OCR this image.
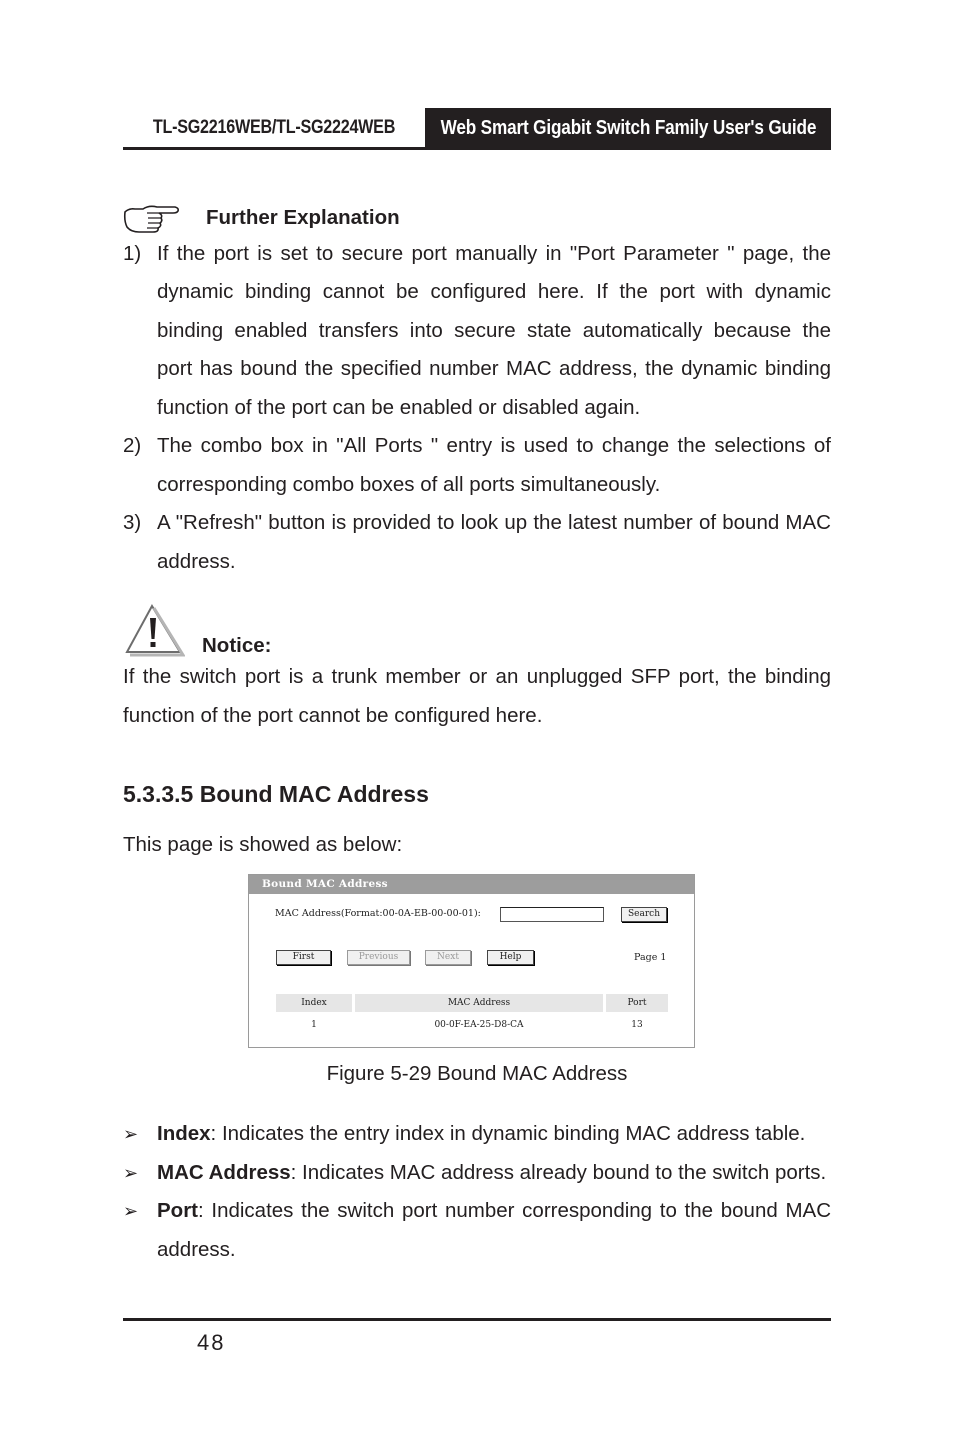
TL-SG2216WEB/TL-SG2224WEB	Web Smart Gigabit Switch Family User's Guide
Further Explanation
1) If the port is set to secure port manually in "Port Parameter " page, the
dynamic binding cannot be configured here. If the port with dynamic
binding enabled transfers into secure state automatically because the
port has bound the specified number MAC address, the dynamic binding
function of the port can be enabled or disabled again.
2) The combo box in "All Ports " entry is used to change the selections of
corresponding combo boxes of all ports simultaneously.
3) A "Refresh" button is provided to look up the latest number of bound MAC
address.
Notice:
If the switch port is a trunk member or an unplugged SFP port, the binding
function of the port cannot be configured here.
5.3.3.5 Bound MAC Address
This page is showed as below:
Bound MAC Address
MAC Address(Format:00-0A-EB-00-00-01):	Search
First	Previous	Next	Help	Page 1
Index	MAC Address	Port
1	00-0F-EA-25-D8-CA	13
Figure 5-29 Bound MAC Address
➢ Index: Indicates the entry index in dynamic binding MAC address table.
➢ MAC Address: Indicates MAC address already bound to the switch ports.
➢ Port: Indicates the switch port number corresponding to the bound MAC
address.
48
